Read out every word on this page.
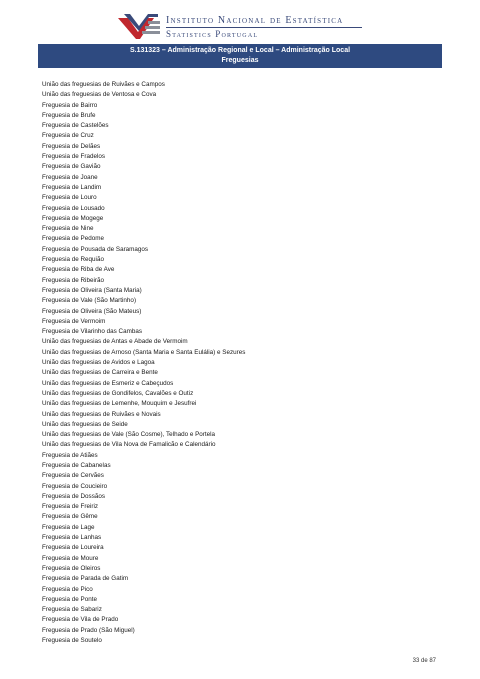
Instituto Nacional de Estatística
Statistics Portugal
S.131323 – Administração Regional e Local – Administração Local
Freguesias
União das freguesias de Ruivães e Campos
União das freguesias de Ventosa e Cova
Freguesia de Bairro
Freguesia de Brufe
Freguesia de Castelões
Freguesia de Cruz
Freguesia de Delães
Freguesia de Fradelos
Freguesia de Gavião
Freguesia de Joane
Freguesia de Landim
Freguesia de Louro
Freguesia de Lousado
Freguesia de Mogege
Freguesia de Nine
Freguesia de Pedome
Freguesia de Pousada de Saramagos
Freguesia de Requião
Freguesia de Riba de Ave
Freguesia de Ribeirão
Freguesia de Oliveira (Santa Maria)
Freguesia de Vale (São Martinho)
Freguesia de Oliveira (São Mateus)
Freguesia de Vermoim
Freguesia de Vilarinho das Cambas
União das freguesias de Antas e Abade de Vermoim
União das freguesias de Arnoso (Santa Maria e Santa Eulália) e Sezures
União das freguesias de Avidos e Lagoa
União das freguesias de Carreira e Bente
União das freguesias de Esmeriz e Cabeçudos
União das freguesias de Gondifelos, Cavalões e Outiz
União das freguesias de Lemenhe, Mouquim e Jesufrei
União das freguesias de Ruivães e Novais
União das freguesias de Seide
União das freguesias de Vale (São Cosme), Telhado e Portela
União das freguesias de Vila Nova de Famalicão e Calendário
Freguesia de Atiães
Freguesia de Cabanelas
Freguesia de Cervães
Freguesia de Coucieiro
Freguesia de Dossãos
Freguesia de Freiriz
Freguesia de Gême
Freguesia de Lage
Freguesia de Lanhas
Freguesia de Loureira
Freguesia de Moure
Freguesia de Oleiros
Freguesia de Parada de Gatim
Freguesia de Pico
Freguesia de Ponte
Freguesia de Sabariz
Freguesia de Vila de Prado
Freguesia de Prado (São Miguel)
Freguesia de Soutelo
33 de 87
